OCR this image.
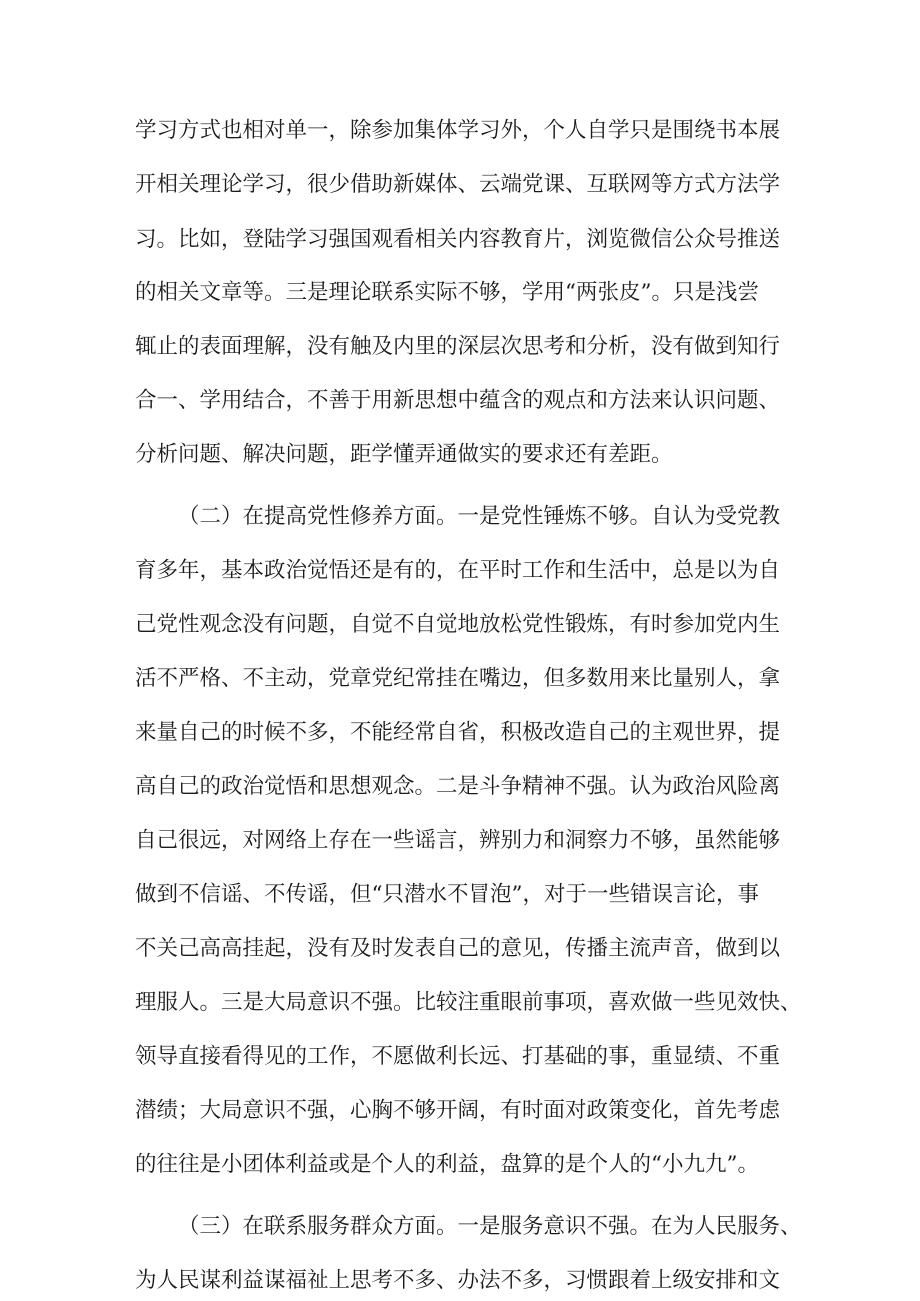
学习方式也相对单一，除参加集体学习外，个人自学只是围绕书本展
开相关理论学习，很少借助新媒体、云端党课、互联网等方式方法学
习。比如，登陆学习强国观看相关内容教育片，浏览微信公众号推送
的相关文章等。三是理论联系实际不够，学用“两张皮”。只是浅尝
辄止的表面理解，没有触及内里的深层次思考和分析，没有做到知行
合一、学用结合，不善于用新思想中蕴含的观点和方法来认识问题、
分析问题、解决问题，距学懂弄通做实的要求还有差距。
（二）在提高党性修养方面。一是党性锤炼不够。自认为受党教
育多年，基本政治觉悟还是有的，在平时工作和生活中，总是以为自
己党性观念没有问题，自觉不自觉地放松党性锻炼，有时参加党内生
活不严格、不主动，党章党纪常挂在嘴边，但多数用来比量别人，拿
来量自己的时候不多，不能经常自省，积极改造自己的主观世界，提
高自己的政治觉悟和思想观念。二是斗争精神不强。认为政治风险离
自己很远，对网络上存在一些谣言，辨别力和洞察力不够，虽然能够
做到不信谣、不传谣，但“只潜水不冒泡”，对于一些错误言论，事
不关己高高挂起，没有及时发表自己的意见，传播主流声音，做到以
理服人。三是大局意识不强。比较注重眼前事项，喜欢做一些见效快、
领导直接看得见的工作，不愿做利长远、打基础的事，重显绩、不重
潜绩；大局意识不强，心胸不够开阔，有时面对政策变化，首先考虑
的往往是小团体利益或是个人的利益，盘算的是个人的“小九九”。
（三）在联系服务群众方面。一是服务意识不强。在为人民服务、
为人民谋利益谋福祉上思考不多、办法不多，习惯跟着上级安排和文
